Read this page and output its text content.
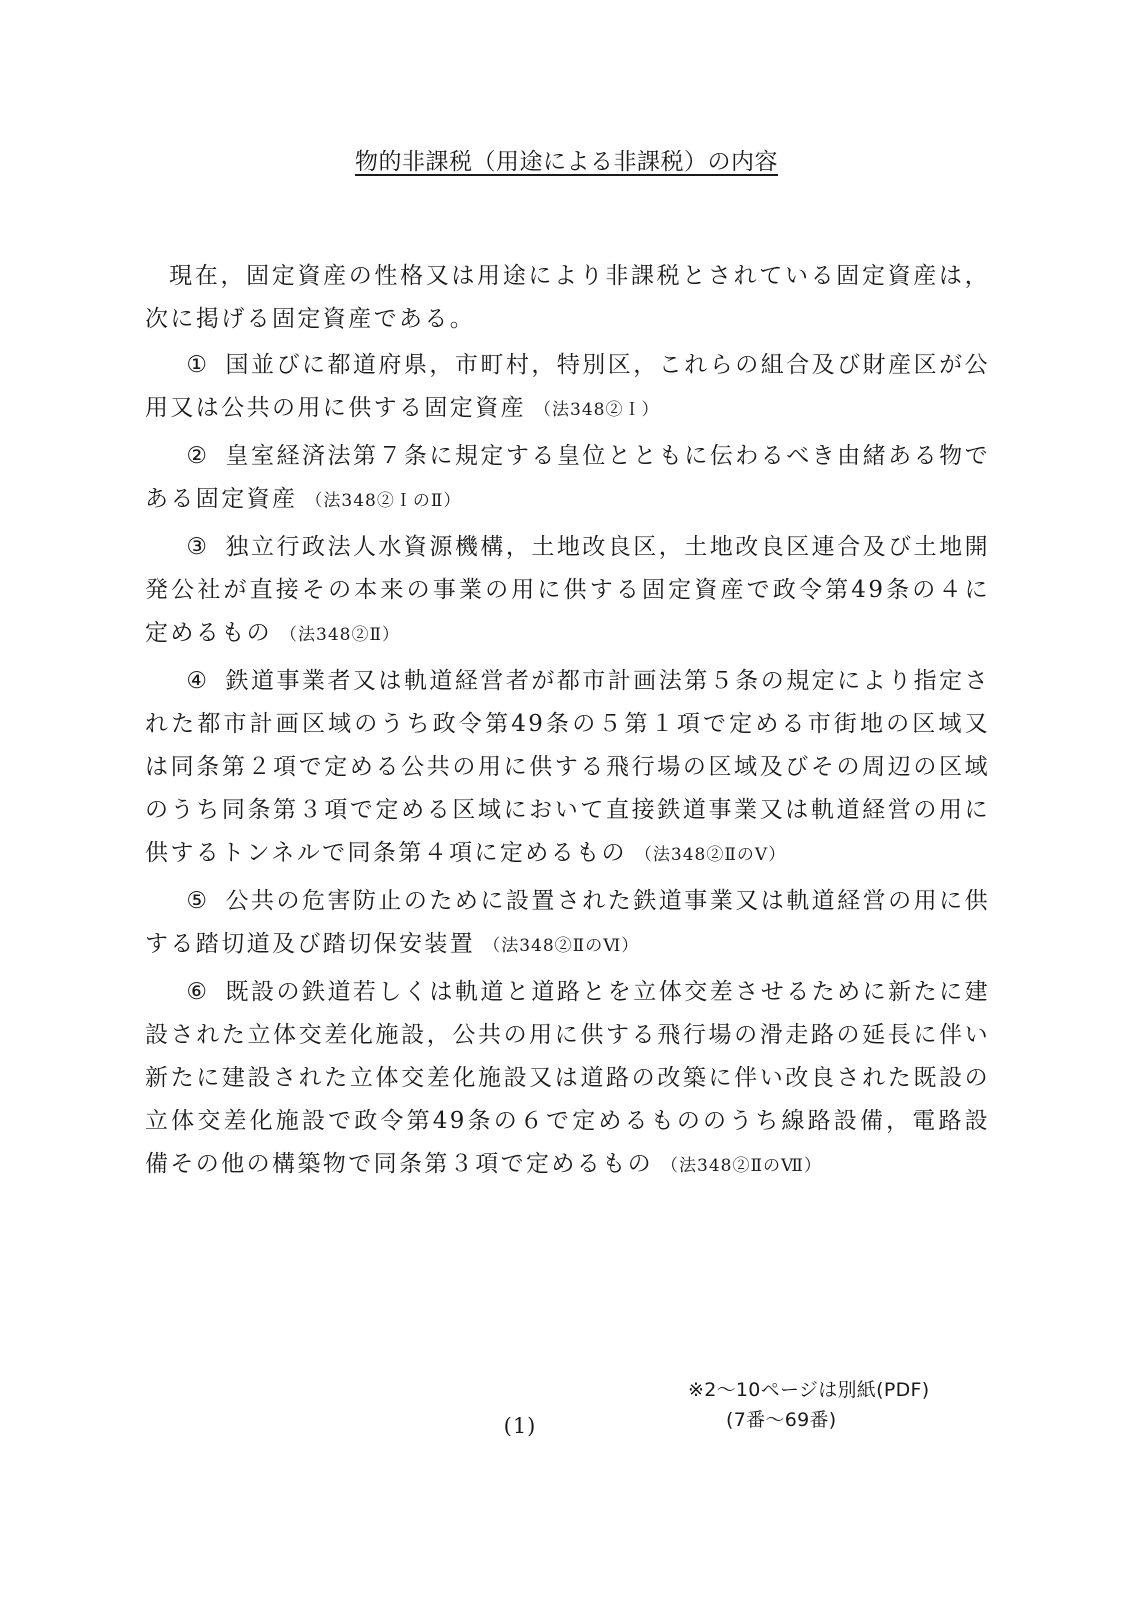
物的非課税（用途による非課税）の内容

現在，固定資産の性格又は用途により非課税とされている固定資産は，次に掲げる固定資産である。

① 国並びに都道府県，市町村，特別区，これらの組合及び財産区が公用又は公共の用に供する固定資産 （法348②Ｉ）

② 皇室経済法第７条に規定する皇位とともに伝わるべき由緒ある物である固定資産 （法348②ＩのⅡ）

③ 独立行政法人水資源機構，土地改良区，土地改良区連合及び土地開発公社が直接その本来の事業の用に供する固定資産で政令第49条の４に定めるもの （法348②Ⅱ）

④ 鉄道事業者又は軌道経営者が都市計画法第５条の規定により指定された都市計画区域のうち政令第49条の５第１項で定める市街地の区域又は同条第２項で定める公共の用に供する飛行場の区域及びその周辺の区域のうち同条第３項で定める区域において直接鉄道事業又は軌道経営の用に供するトンネルで同条第４項に定めるもの （法348②ⅡのⅤ）

⑤ 公共の危害防止のために設置された鉄道事業又は軌道経営の用に供する踏切道及び踏切保安装置 （法348②ⅡのⅥ）

⑥ 既設の鉄道若しくは軌道と道路とを立体交差させるために新たに建設された立体交差化施設，公共の用に供する飛行場の滑走路の延長に伴い新たに建設された立体交差化施設又は道路の改築に伴い改良された既設の立体交差化施設で政令第49条の６で定めるもののうち線路設備，電路設備その他の構築物で同条第３項で定めるもの （法348②ⅡのⅦ）

※2～10ページは別紙(PDF)
(7番～69番)
(1)
